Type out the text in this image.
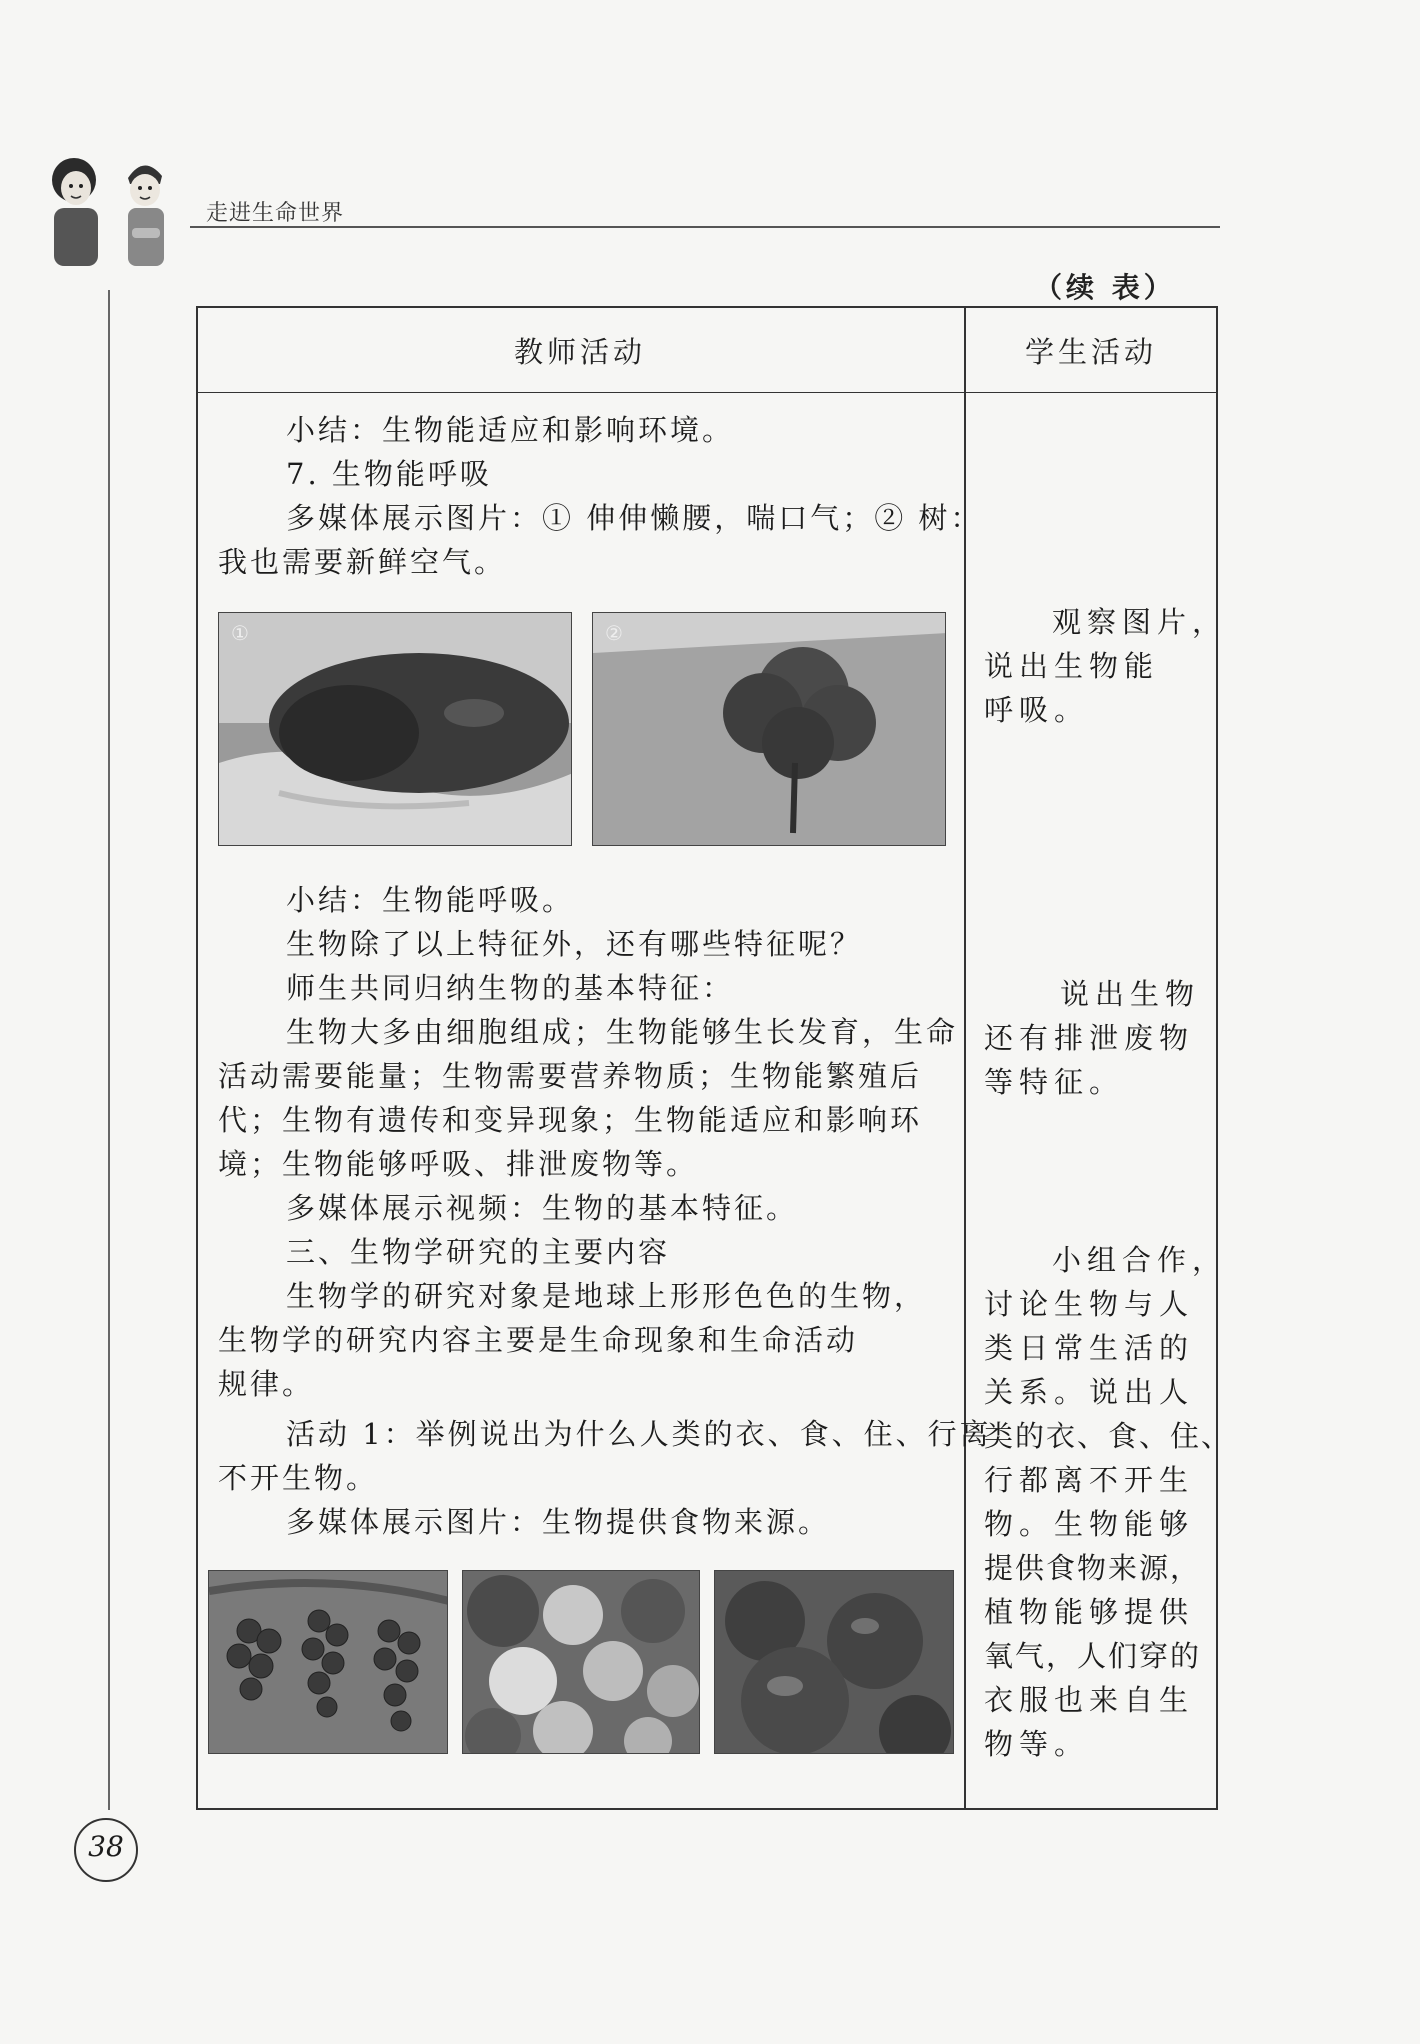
走进生命世界
（续 表）
教师活动	学生活动
小结：生物能适应和影响环境。
7. 生物能呼吸
多媒体展示图片：① 伸伸懒腰，喘口气；② 树：
我也需要新鲜空气。
①	②
小结：生物能呼吸。
生物除了以上特征外，还有哪些特征呢？
师生共同归纳生物的基本特征：
生物大多由细胞组成；生物能够生长发育，生命
活动需要能量；生物需要营养物质；生物能繁殖后
代；生物有遗传和变异现象；生物能适应和影响环
境；生物能够呼吸、排泄废物等。
多媒体展示视频：生物的基本特征。
三、生物学研究的主要内容
生物学的研究对象是地球上形形色色的生物，
生物学的研究内容主要是生命现象和生命活动
规律。
活动 1：举例说出为什么人类的衣、食、住、行离
不开生物。
多媒体展示图片：生物提供食物来源。
观察图片，
说出生物能
呼吸。
说出生物
还有排泄废物
等特征。
小组合作，
讨论生物与人
类日常生活的
关系。说出人
类的衣、食、住、
行都离不开生
物。生物能够
提供食物来源，
植物能够提供
氧气，人们穿的
衣服也来自生
物等。
38
